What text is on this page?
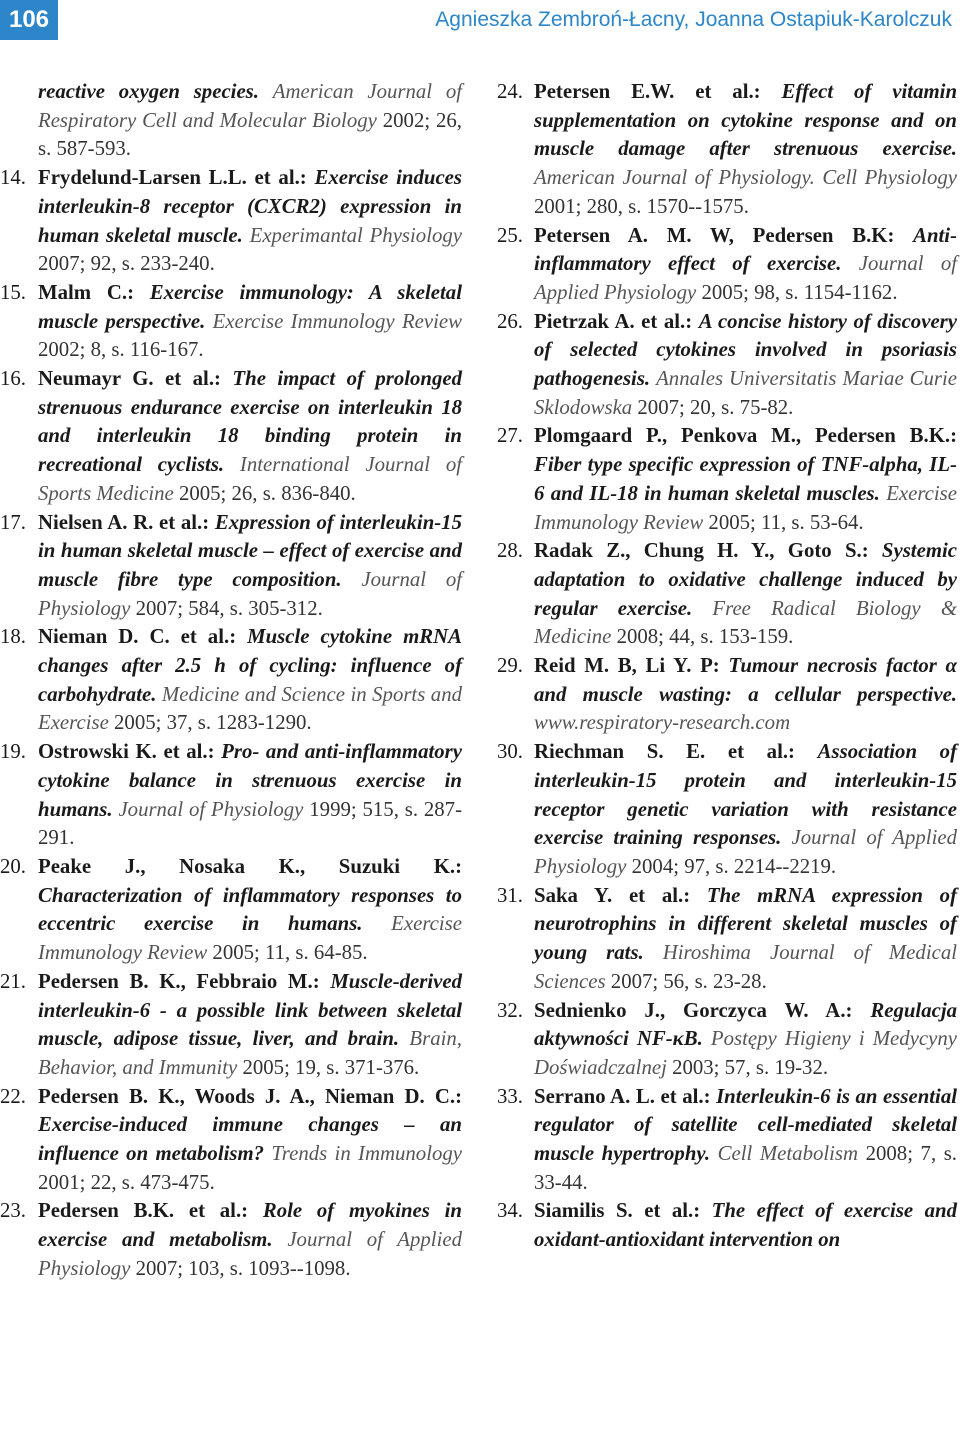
106	Agnieszka Zembroń-Łacny, Joanna Ostapiuk-Karolczuk
reactive oxygen species. American Journal of Respiratory Cell and Molecular Biology 2002; 26, s. 587-593.
14. Frydelund-Larsen L.L. et al.: Exercise induces interleukin-8 receptor (CXCR2) expression in human skeletal muscle. Experimantal Physiology 2007; 92, s. 233-240.
15. Malm C.: Exercise immunology: A skeletal muscle perspective. Exercise Immunology Review 2002; 8, s. 116-167.
16. Neumayr G. et al.: The impact of prolonged strenuous endurance exercise on interleukin 18 and interleukin 18 binding protein in recreational cyclists. International Journal of Sports Medicine 2005; 26, s. 836-840.
17. Nielsen A. R. et al.: Expression of interleukin-15 in human skeletal muscle – effect of exercise and muscle fibre type composition. Journal of Physiology 2007; 584, s. 305-312.
18. Nieman D. C. et al.: Muscle cytokine mRNA changes after 2.5 h of cycling: influence of carbohydrate. Medicine and Science in Sports and Exercise 2005; 37, s. 1283-1290.
19. Ostrowski K. et al.: Pro- and anti-inflammatory cytokine balance in strenuous exercise in humans. Journal of Physiology 1999; 515, s. 287-291.
20. Peake J., Nosaka K., Suzuki K.: Characterization of inflammatory responses to eccentric exercise in humans. Exercise Immunology Review 2005; 11, s. 64-85.
21. Pedersen B. K., Febbraio M.: Muscle-derived interleukin-6 - a possible link between skeletal muscle, adipose tissue, liver, and brain. Brain, Behavior, and Immunity 2005; 19, s. 371-376.
22. Pedersen B. K., Woods J. A., Nieman D. C.: Exercise-induced immune changes – an influence on metabolism? Trends in Immunology 2001; 22, s. 473-475.
23. Pedersen B.K. et al.: Role of myokines in exercise and metabolism. Journal of Applied Physiology 2007; 103, s. 1093--1098.
24. Petersen E.W. et al.: Effect of vitamin supplementation on cytokine response and on muscle damage after strenuous exercise. American Journal of Physiology. Cell Physiology 2001; 280, s. 1570--1575.
25. Petersen A. M. W, Pedersen B.K: Anti-inflammatory effect of exercise. Journal of Applied Physiology 2005; 98, s. 1154-1162.
26. Pietrzak A. et al.: A concise history of discovery of selected cytokines involved in psoriasis pathogenesis. Annales Universitatis Mariae Curie Sklodowska 2007; 20, s. 75-82.
27. Plomgaard P., Penkova M., Pedersen B.K.: Fiber type specific expression of TNF-alpha, IL- 6 and IL-18 in human skeletal muscles. Exercise Immunology Review 2005; 11, s. 53-64.
28. Radak Z., Chung H. Y., Goto S.: Systemic adaptation to oxidative challenge induced by regular exercise. Free Radical Biology & Medicine 2008; 44, s. 153-159.
29. Reid M. B, Li Y. P: Tumour necrosis factor α and muscle wasting: a cellular perspective. www.respiratory-research.com
30. Riechman S. E. et al.: Association of interleukin-15 protein and interleukin-15 receptor genetic variation with resistance exercise training responses. Journal of Applied Physiology 2004; 97, s. 2214--2219.
31. Saka Y. et al.: The mRNA expression of neurotrophins in different skeletal muscles of young rats. Hiroshima Journal of Medical Sciences 2007; 56, s. 23-28.
32. Sednienko J., Gorczyca W. A.: Regulacja aktywności NF-κB. Postępy Higieny i Medycyny Doświadczalnej 2003; 57, s. 19-32.
33. Serrano A. L. et al.: Interleukin-6 is an essential regulator of satellite cell-mediated skeletal muscle hypertrophy. Cell Metabolism 2008; 7, s. 33-44.
34. Siamilis S. et al.: The effect of exercise and oxidant-antioxidant intervention on
